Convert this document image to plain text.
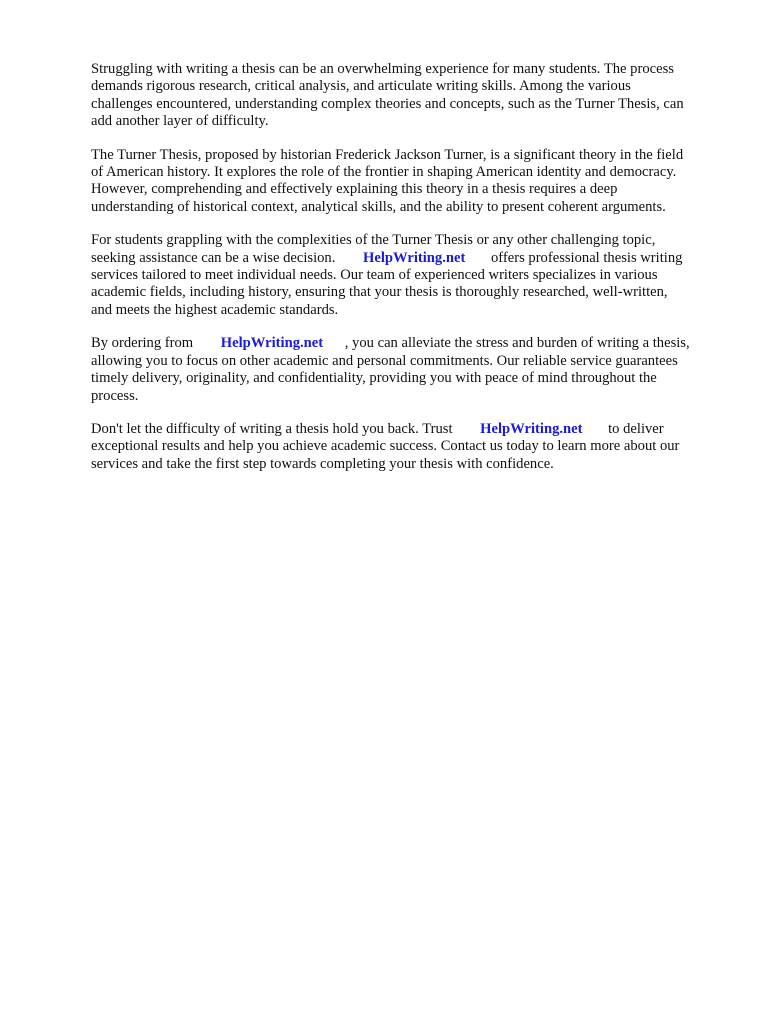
Struggling with writing a thesis can be an overwhelming experience for many students. The process
demands rigorous research, critical analysis, and articulate writing skills. Among the various
challenges encountered, understanding complex theories and concepts, such as the Turner Thesis, can
add another layer of difficulty.

The Turner Thesis, proposed by historian Frederick Jackson Turner, is a significant theory in the field
of American history. It explores the role of the frontier in shaping American identity and democracy.
However, comprehending and effectively explaining this theory in a thesis requires a deep
understanding of historical context, analytical skills, and the ability to present coherent arguments.

For students grappling with the complexities of the Turner Thesis or any other challenging topic,
seeking assistance can be a wise decision. HelpWriting.net offers professional thesis writing
services tailored to meet individual needs. Our team of experienced writers specializes in various
academic fields, including history, ensuring that your thesis is thoroughly researched, well-written,
and meets the highest academic standards.

By ordering from HelpWriting.net , you can alleviate the stress and burden of writing a thesis,
allowing you to focus on other academic and personal commitments. Our reliable service guarantees
timely delivery, originality, and confidentiality, providing you with peace of mind throughout the
process.

Don't let the difficulty of writing a thesis hold you back. Trust HelpWriting.net to deliver
exceptional results and help you achieve academic success. Contact us today to learn more about our
services and take the first step towards completing your thesis with confidence.
